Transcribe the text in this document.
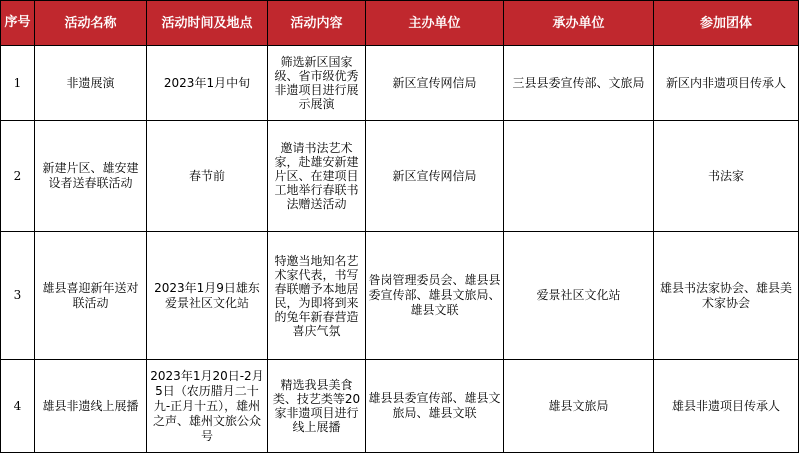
序号	活动名称	活动时间及地点	活动内容	主办单位	承办单位	参加团体
1	非遗展演	2023年1月中旬	筛选新区国家级、省市级优秀非遗项目进行展示展演	新区宣传网信局	三县县委宣传部、文旅局	新区内非遗项目传承人
2	新建片区、雄安建设者送春联活动	春节前	邀请书法艺术家，赴雄安新建片区、在建项目工地举行春联书法赠送活动	新区宣传网信局		书法家
3	雄县喜迎新年送对联活动	2023年1月9日雄东爱景社区文化站	特邀当地知名艺术家代表，书写春联赠予本地居民，为即将到来的兔年新春营造喜庆气氛	昝岗管理委员会、雄县县委宣传部、雄县文旅局、雄县文联	爱景社区文化站	雄县书法家协会、雄县美术家协会
4	雄县非遗线上展播	2023年1月20日-2月5日（农历腊月二十九-正月十五），雄州之声、雄州文旅公众号	精选我县美食类、技艺类等20家非遗项目进行线上展播	雄县县委宣传部、雄县文旅局、雄县文联	雄县文旅局	雄县非遗项目传承人
